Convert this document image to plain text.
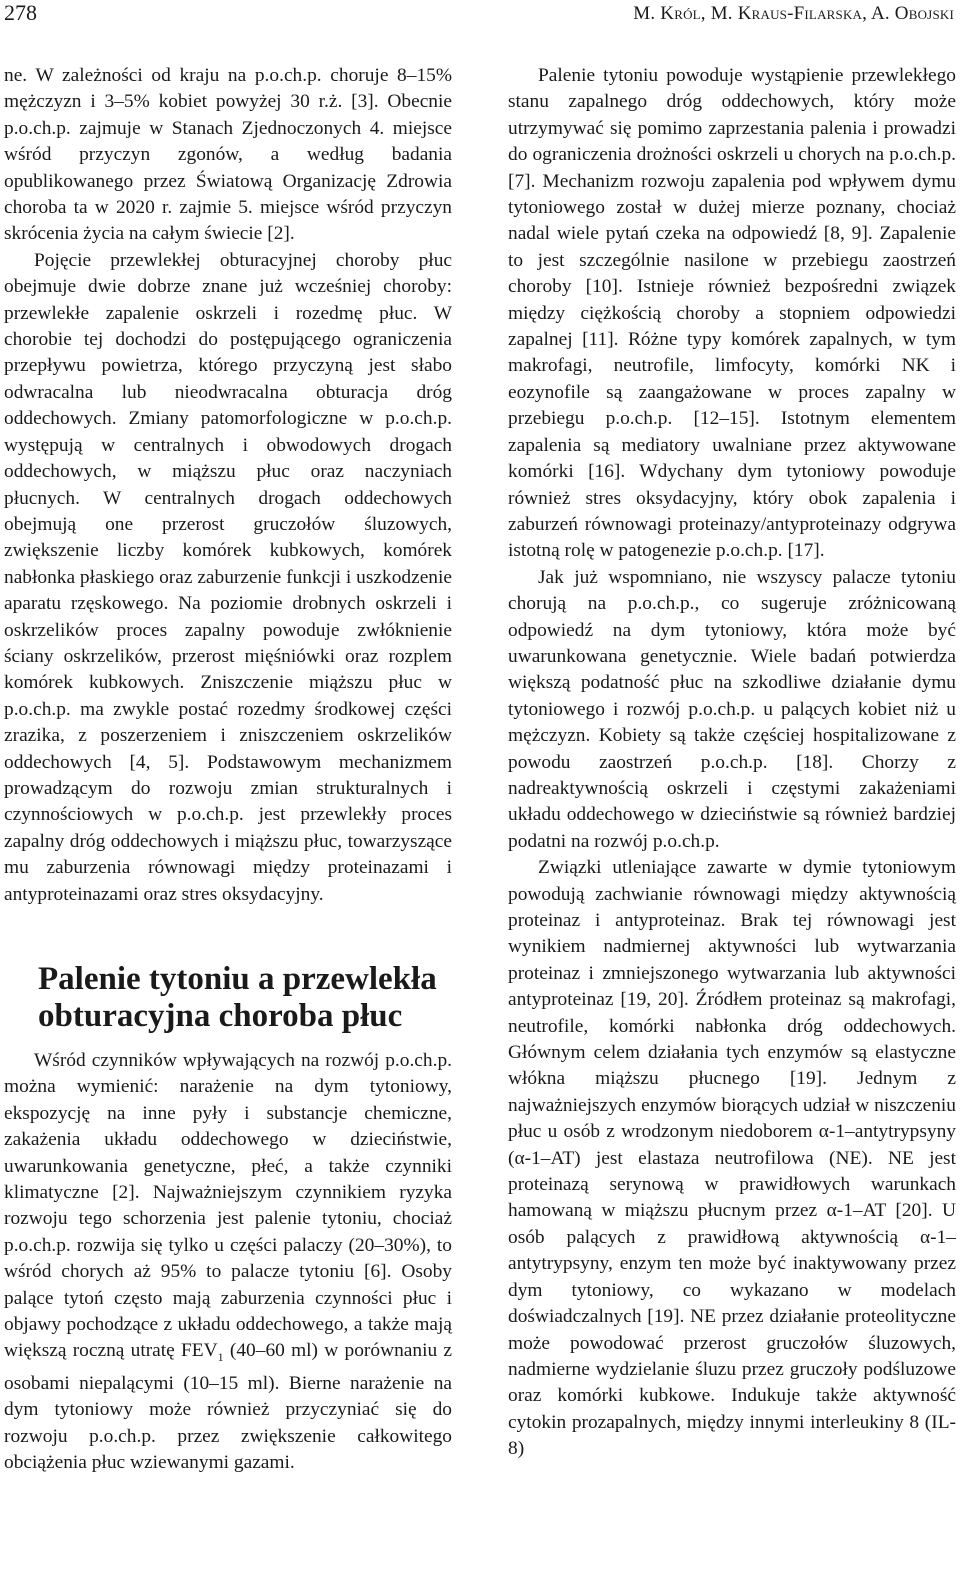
278	M. Król, M. Kraus-Filarska, A. Obojski

ne. W zależności od kraju na p.o.ch.p. choruje 8–15% mężczyzn i 3–5% kobiet powyżej 30 r.ż. [3]. Obecnie p.o.ch.p. zajmuje w Stanach Zjednoczonych 4. miejsce wśród przyczyn zgonów, a według badania opublikowanego przez Światową Organizację Zdrowia choroba ta w 2020 r. zajmie 5. miejsce wśród przyczyn skrócenia życia na całym świecie [2].

Pojęcie przewlekłej obturacyjnej choroby płuc obejmuje dwie dobrze znane już wcześniej choroby: przewlekłe zapalenie oskrzeli i rozedmę płuc. W chorobie tej dochodzi do postępującego ograniczenia przepływu powietrza, którego przyczyną jest słabo odwracalna lub nieodwracalna obturacja dróg oddechowych. Zmiany patomorfologiczne w p.o.ch.p. występują w centralnych i obwodowych drogach oddechowych, w miąższu płuc oraz naczyniach płucnych. W centralnych drogach oddechowych obejmują one przerost gruczołów śluzowych, zwiększenie liczby komórek kubkowych, komórek nabłonka płaskiego oraz zaburzenie funkcji i uszkodzenie aparatu rzęskowego. Na poziomie drobnych oskrzeli i oskrzelików proces zapalny powoduje zwłóknienie ściany oskrzelików, przerost mięśniówki oraz rozplem komórek kubkowych. Zniszczenie miąższu płuc w p.o.ch.p. ma zwykle postać rozedmy środkowej części zrazika, z poszerzeniem i zniszczeniem oskrzelików oddechowych [4, 5]. Podstawowym mechanizmem prowadzącym do rozwoju zmian strukturalnych i czynnościowych w p.o.ch.p. jest przewlekły proces zapalny dróg oddechowych i miąższu płuc, towarzyszące mu zaburzenia równowagi między proteinazami i antyproteinazami oraz stres oksydacyjny.

Palenie tytoniu a przewlekła obturacyjna choroba płuc

Wśród czynników wpływających na rozwój p.o.ch.p. można wymienić: narażenie na dym tytoniowy, ekspozycję na inne pyły i substancje chemiczne, zakażenia układu oddechowego w dzieciństwie, uwarunkowania genetyczne, płeć, a także czynniki klimatyczne [2]. Najważniejszym czynnikiem ryzyka rozwoju tego schorzenia jest palenie tytoniu, chociaż p.o.ch.p. rozwija się tylko u części palaczy (20–30%), to wśród chorych aż 95% to palacze tytoniu [6]. Osoby palące tytoń często mają zaburzenia czynności płuc i objawy pochodzące z układu oddechowego, a także mają większą roczną utratę $FEV_1$ (40–60 ml) w porównaniu z osobami niepalącymi (10–15 ml). Bierne narażenie na dym tytoniowy może również przyczyniać się do rozwoju p.o.ch.p. przez zwiększenie całkowitego obciążenia płuc wziewanymi gazami.

Palenie tytoniu powoduje wystąpienie przewlekłego stanu zapalnego dróg oddechowych, który może utrzymywać się pomimo zaprzestania palenia i prowadzi do ograniczenia drożności oskrzeli u chorych na p.o.ch.p. [7]. Mechanizm rozwoju zapalenia pod wpływem dymu tytoniowego został w dużej mierze poznany, chociaż nadal wiele pytań czeka na odpowiedź [8, 9]. Zapalenie to jest szczególnie nasilone w przebiegu zaostrzeń choroby [10]. Istnieje również bezpośredni związek między ciężkością choroby a stopniem odpowiedzi zapalnej [11]. Różne typy komórek zapalnych, w tym makrofagi, neutrofile, limfocyty, komórki NK i eozynofile są zaangażowane w proces zapalny w przebiegu p.o.ch.p. [12–15]. Istotnym elementem zapalenia są mediatory uwalniane przez aktywowane komórki [16]. Wdychany dym tytoniowy powoduje również stres oksydacyjny, który obok zapalenia i zaburzeń równowagi proteinazy/antyproteinazy odgrywa istotną rolę w patogenezie p.o.ch.p. [17].

Jak już wspomniano, nie wszyscy palacze tytoniu chorują na p.o.ch.p., co sugeruje zróżnicowaną odpowiedź na dym tytoniowy, która może być uwarunkowana genetycznie. Wiele badań potwierdza większą podatność płuc na szkodliwe działanie dymu tytoniowego i rozwój p.o.ch.p. u palących kobiet niż u mężczyzn. Kobiety są także częściej hospitalizowane z powodu zaostrzeń p.o.ch.p. [18]. Chorzy z nadreaktywnością oskrzeli i częstymi zakażeniami układu oddechowego w dzieciństwie są również bardziej podatni na rozwój p.o.ch.p.

Związki utleniające zawarte w dymie tytoniowym powodują zachwianie równowagi między aktywnością proteinaz i antyproteinaz. Brak tej równowagi jest wynikiem nadmiernej aktywności lub wytwarzania proteinaz i zmniejszonego wytwarzania lub aktywności antyproteinaz [19, 20]. Źródłem proteinaz są makrofagi, neutrofile, komórki nabłonka dróg oddechowych. Głównym celem działania tych enzymów są elastyczne włókna miąższu płucnego [19]. Jednym z najważniejszych enzymów biorących udział w niszczeniu płuc u osób z wrodzonym niedoborem α-1–antytrypsyny (α-1–AT) jest elastaza neutrofilowa (NE). NE jest proteinazą serynową w prawidłowych warunkach hamowaną w miąższu płucnym przez α-1–AT [20]. U osób palących z prawidłową aktywnością α-1–antytrypsyny, enzym ten może być inaktywowany przez dym tytoniowy, co wykazano w modelach doświadczalnych [19]. NE przez działanie proteolityczne może powodować przerost gruczołów śluzowych, nadmierne wydzielanie śluzu przez gruczoły podśluzowe oraz komórki kubkowe. Indukuje także aktywność cytokin prozapalnych, między innymi interleukiny 8 (IL-8)
